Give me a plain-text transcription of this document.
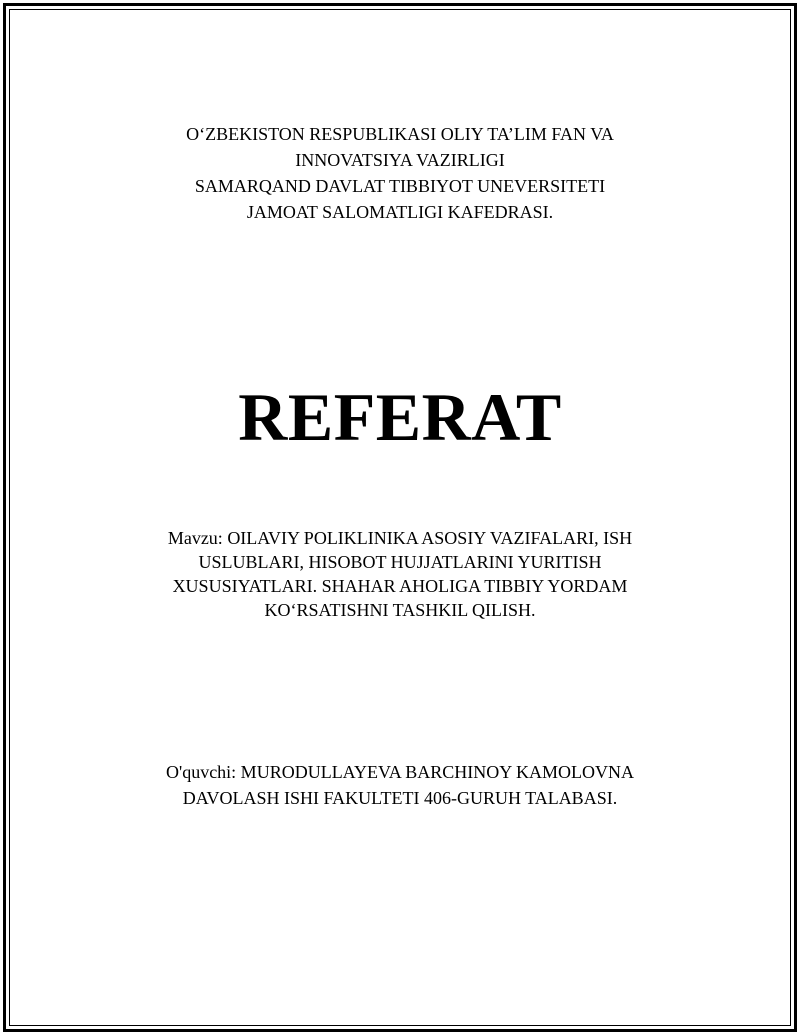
O‘ZBEKISTON RESPUBLIKASI OLIY TA’LIM FAN VA
INNOVATSIYA VAZIRLIGI
SAMARQAND DAVLAT TIBBIYOT UNEVERSITETI
JAMOAT SALOMATLIGI KAFEDRASI.
REFERAT
Mavzu: OILAVIY POLIKLINIKA ASOSIY VAZIFALARI, ISH
USLUBLARI, HISOBOT HUJJATLARINI YURITISH
XUSUSIYATLARI. SHAHAR AHOLIGA TIBBIY YORDAM
KO‘RSATISHNI TASHKIL QILISH.
O'quvchi: MURODULLAYEVA BARCHINOY KAMOLOVNA
DAVOLASH ISHI FAKULTETI 406-GURUH TALABASI.
